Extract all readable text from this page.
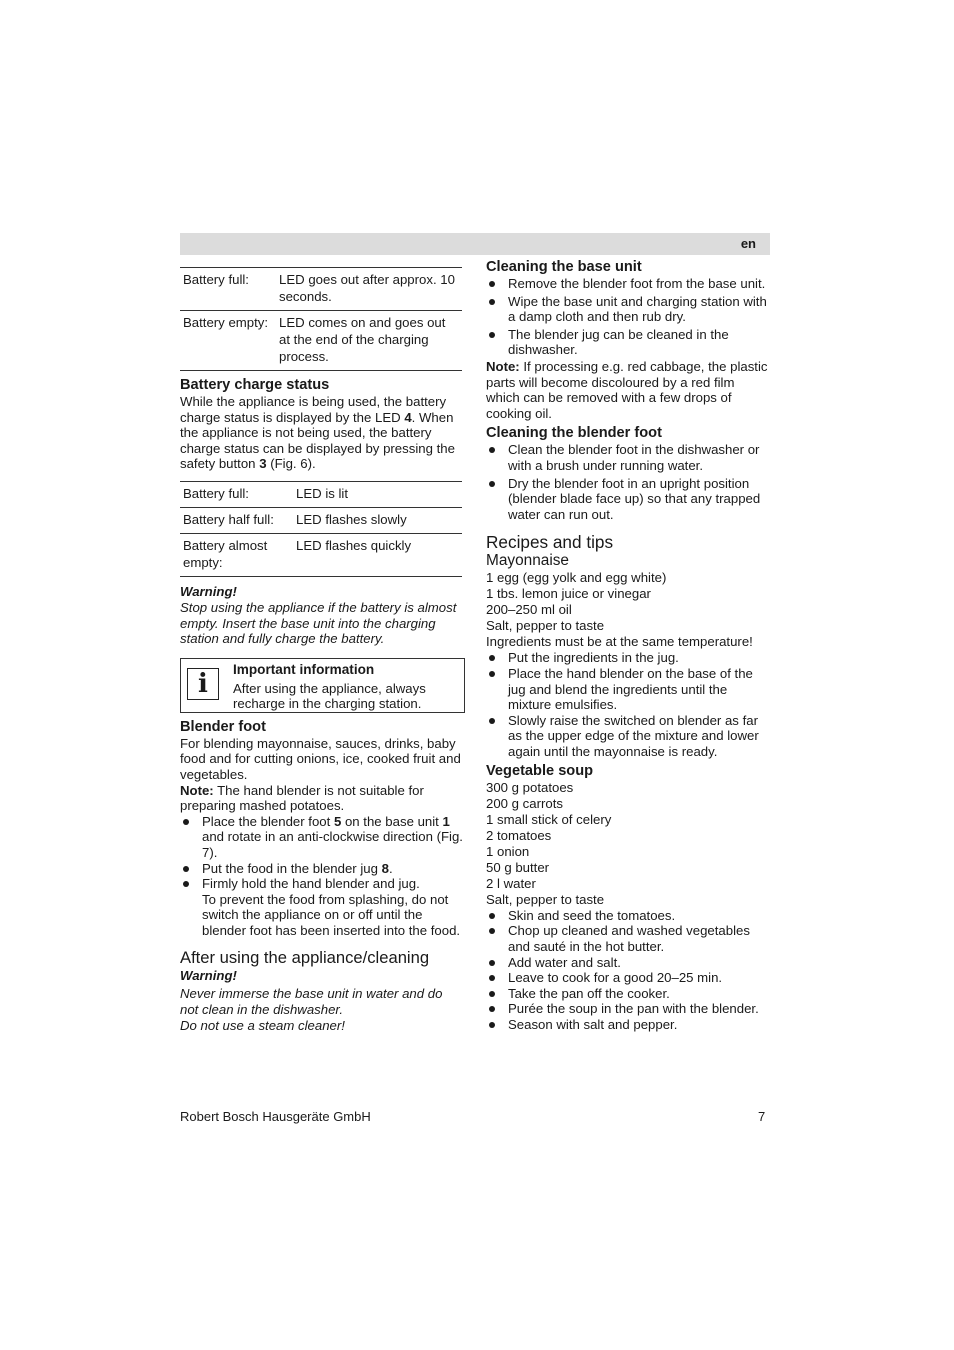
en
Battery full:	LED goes out after approx. 10 seconds.
Battery empty:	LED comes on and goes out at the end of the charging process.
Battery charge status

While the appliance is being used, the battery charge status is displayed by the LED 4. When the appliance is not being used, the battery charge status can be displayed by pressing the safety button 3 (Fig. 6).

Battery full:	LED is lit
Battery half full:	LED flashes slowly
Battery almost empty:	LED flashes quickly

Warning!

Stop using the appliance if the battery is almost empty. Insert the base unit into the charging station and fully charge the battery.

i	Important information
After using the appliance, always recharge in the charging station.
Blender foot

For blending mayonnaise, sauces, drinks, baby food and for cutting onions, ice, cooked fruit and vegetables.

Note: The hand blender is not suitable for preparing mashed potatoes.

Place the blender foot 5 on the base unit 1 and rotate in an anti-clockwise direction (Fig. 7).
Put the food in the blender jug 8.
Firmly hold the hand blender and jug.
To prevent the food from splashing, do not switch the appliance on or off until the blender foot has been inserted into the food.
After using the appliance/cleaning

Warning!

Never immerse the base unit in water and do not clean in the dishwasher.

Do not use a steam cleaner!

Cleaning the base unit
Remove the blender foot from the base unit.
Wipe the base unit and charging station with a damp cloth and then rub dry.
The blender jug can be cleaned in the dishwasher.

Note: If processing e.g. red cabbage, the plastic parts will become discoloured by a red film which can be removed with a few drops of cooking oil.

Cleaning the blender foot
Clean the blender foot in the dishwasher or with a brush under running water.
Dry the blender foot in an upright position (blender blade face up) so that any trapped water can run out.
Recipes and tips
Mayonnaise

1 egg (egg yolk and egg white)

1 tbs. lemon juice or vinegar

200–250 ml oil

Salt, pepper to taste

Ingredients must be at the same temperature!

Put the ingredients in the jug.
Place the hand blender on the base of the jug and blend the ingredients until the mixture emulsifies.
Slowly raise the switched on blender as far as the upper edge of the mixture and lower again until the mayonnaise is ready.
Vegetable soup

300 g potatoes

200 g carrots

1 small stick of celery

2 tomatoes

1 onion

50 g butter

2 l water

Salt, pepper to taste

Skin and seed the tomatoes.
Chop up cleaned and washed vegetables and sauté in the hot butter.
Add water and salt.
Leave to cook for a good 20–25 min.
Take the pan off the cooker.
Purée the soup in the pan with the blender.
Season with salt and pepper.
Robert Bosch Hausgeräte GmbH	7
